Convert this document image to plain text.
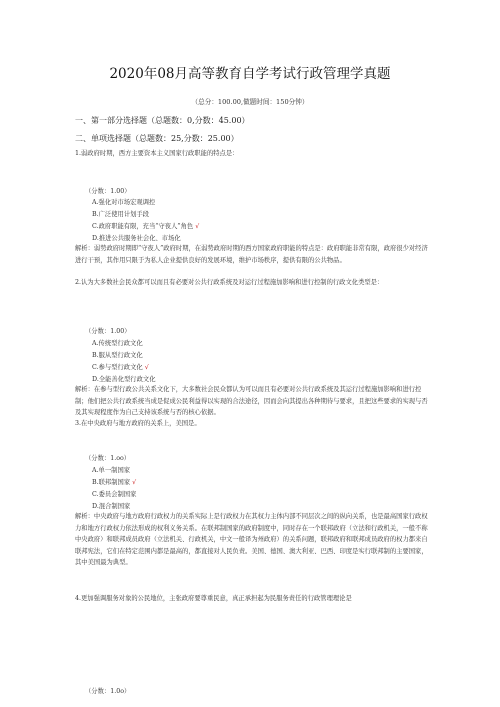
2020年08月高等教育自学考试行政管理学真题
（总分：100.00,做题时间：150分钟）
一、第一部分选择题（总题数：0,分数：45.00）
二、单项选择题（总题数：25,分数：25.00）
1.弱政府时期，西方主要资本主义国家行政职能的特点是：
（分数：1.00）
A.强化对市场宏观调控
B.广泛使用计划手段
C.政府职能有限，充当“守夜人”角色 √
D.推进公共服务社会化、市场化
解析：弱势政府时期即“守夜人”政府时期，在弱势政府时期的西方国家政府职能的特点是：政府职能非常有限，政府很少对经济进行干预，其作用只限于为私人企业提供良好的发展环境，维护市场秩序，提供有限的公共物品。
2.认为大多数社会民众都可以而且有必要对公共行政系统及对运行过程施加影响和进行控制的行政文化类型是：
（分数：1.00）
A.传统型行政文化
B.服从型行政文化
C.参与型行政文化 √
D.全能善化型行政文化
解析：在参与型行政公共关系文化下，大多数社会民众都认为可以而且有必要对公共行政系统及其运行过程施加影响和进行控制；他们把公共行政系统当成是促成公民利益得以实现的合法途径，因而会向其提出各种期待与要求，且把这些要求的实现与否及其实现程度作为自己支持该系统与否的核心依据。
3.在中央政府与地方政府的关系上，美国是。
（分数：1.oo）
A.单一制国家
B.联邦制国家 √
C.委员会制国家
D.混合制国家
解析：中央政府与地方政府行政权力的关系实际上是行政权力在其权力主体内部不同层次之间的纵向关系，也是最高国家行政权力和地方行政权力依法形成的权利义务关系。在联邦制国家的政府制度中，同时存在一个联邦政府（立法和行政机关，一般不称中央政府）和联邦成员政府（立法机关、行政机关，中文一般译为州政府）的关系问题，联邦政府和联邦成员政府的权力都来自联邦宪法，它们在特定范围内都是最高的，都直接对人民负责。美国、德国、澳大利亚、巴西、印度是实行联邦制的主要国家，其中美国最为典型。
4.更加强调服务对象的公民地位，主张政府要尊重民意，真正承担起为民服务责任的行政管理理论是
（分数：1.0o）
